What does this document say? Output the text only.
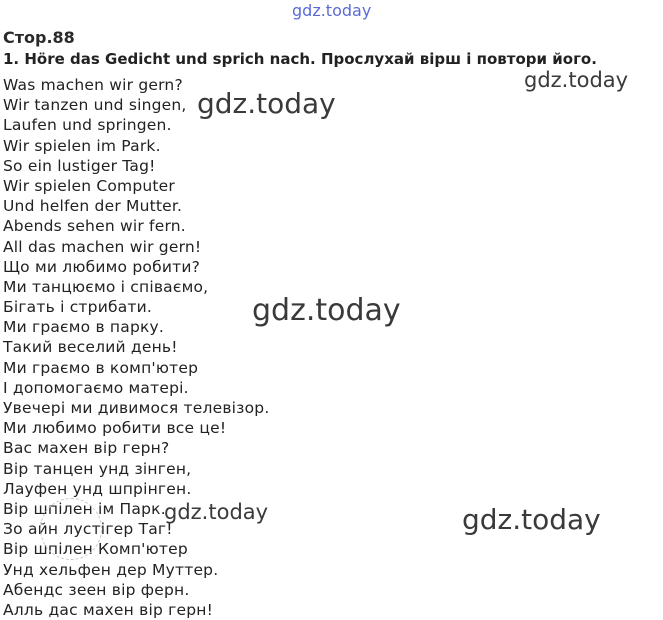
gdz.today
Стор.88
1. Höre das Gedicht und sprich nach. Прослухай вірш і повтори його.
Was machen wir gern?
Wir tanzen und singen,
Laufen und springen.
Wir spielen im Park.
So ein lustiger Tag!
Wir spielen Computer
Und helfen der Mutter.
Abends sehen wir fern.
All das machen wir gern!
Що ми любимо робити?
Ми танцюємо і співаємо,
Бігать і стрибати.
Ми граємо в парку.
Такий веселий день!
Ми граємо в комп'ютер
І допомогаємо матері.
Увечері ми дивимося телевізор.
Ми любимо робити все це!
Вас махен вір герн?
Вір танцен унд зінген,
Лауфен унд шпрінген.
Вір шпілен ім Парк.
Зо айн лустігер Таг!
Вір шпілен Комп'ютер
Унд хельфен дер Муттер.
Абендс зеен вір ферн.
Алль дас махен вір герн!
gdz.today
gdz.today
gdz.today
gdz.today	gdz.today
